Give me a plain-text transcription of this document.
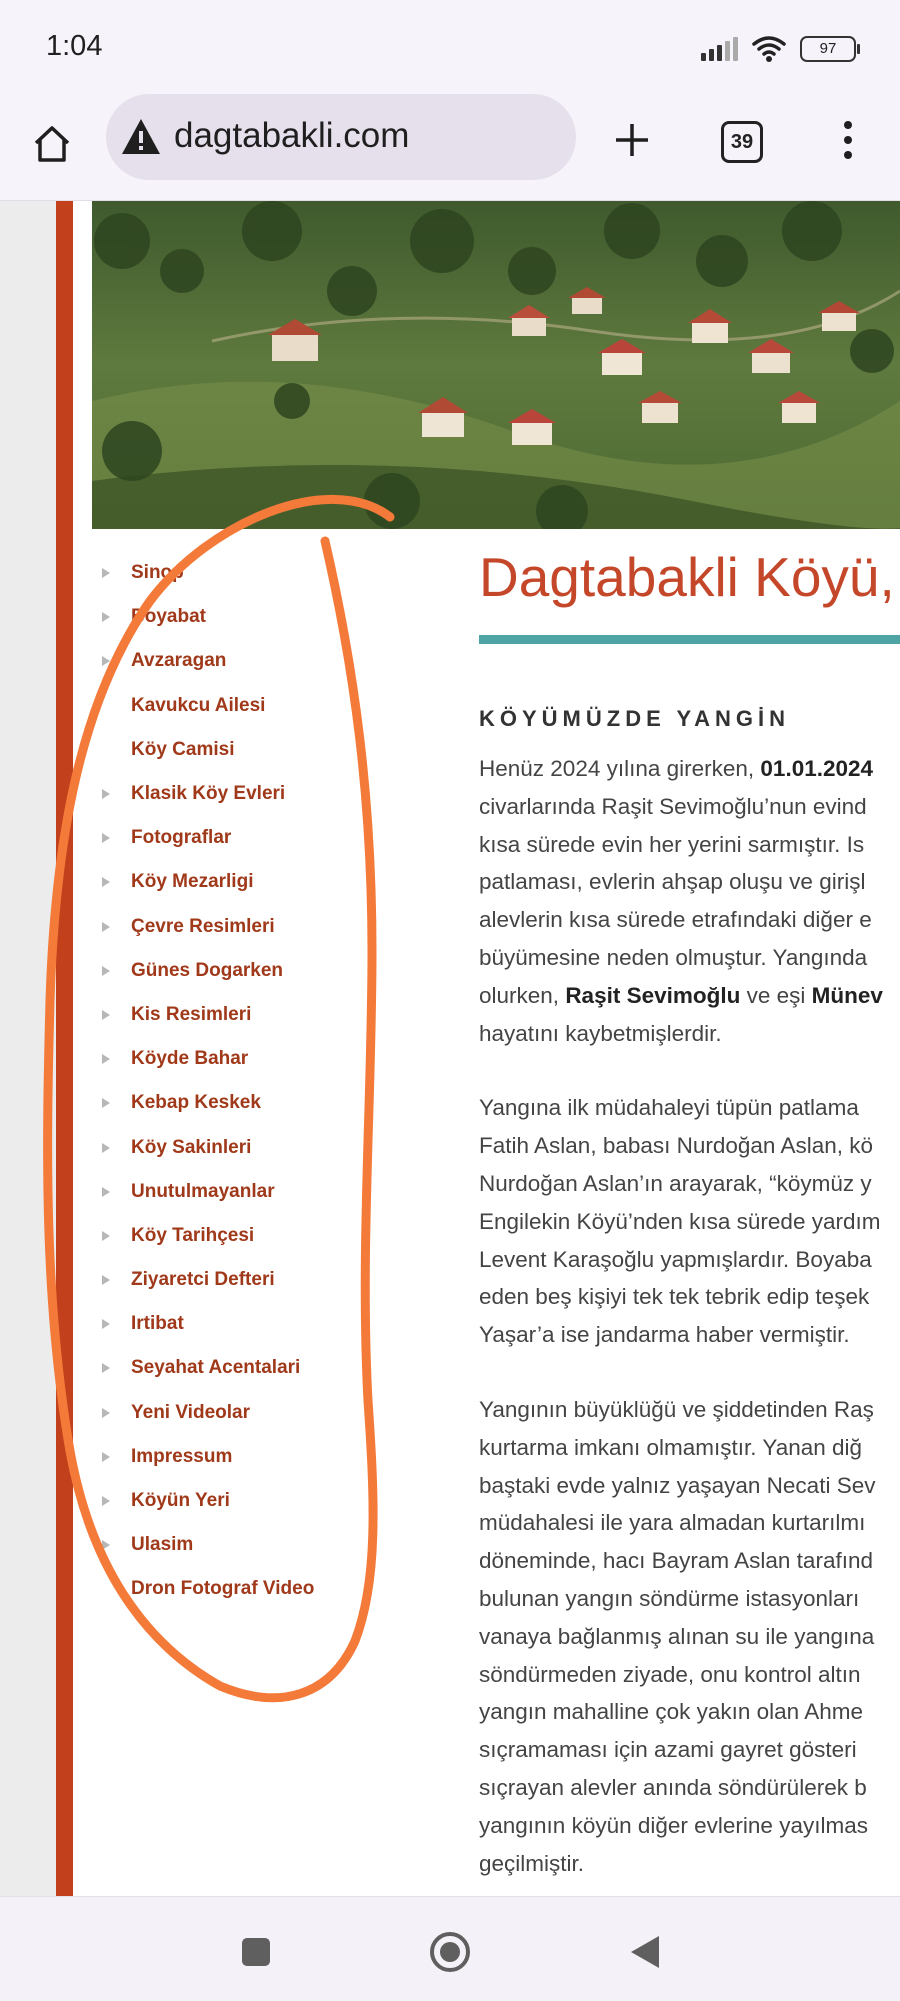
1:04	97
dagtabakli.com	39
Sinop
Boyabat
Avzaragan
Kavukcu Ailesi
Köy Camisi
Klasik Köy Evleri
Fotograflar
Köy Mezarligi
Çevre Resimleri
Günes Dogarken
Kis Resimleri
Köyde Bahar
Kebap Keskek
Köy Sakinleri
Unutulmayanlar
Köy Tarihçesi
Ziyaretci Defteri
Irtibat
Seyahat Acentalari
Yeni Videolar
Impressum
Köyün Yeri
Ulasim
Dron Fotograf Video
Dagtabakli Köyü,
KÖYÜMÜZDE YANGİN
Henüz 2024 yılına girerken, 01.01.2024
civarlarında Raşit Sevimoğlu’nun evind
kısa sürede evin her yerini sarmıştır. Is
patlaması, evlerin ahşap oluşu ve girişl
alevlerin kısa sürede etrafındaki diğer e
büyümesine neden olmuştur. Yangında
olurken, Raşit Sevimoğlu ve eşi Münev
hayatını kaybetmişlerdir.
Yangına ilk müdahaleyi tüpün patlama
Fatih Aslan, babası Nurdoğan Aslan, kö
Nurdoğan Aslan’ın arayarak, “köymüz y
Engilekin Köyü’nden kısa sürede yardım
Levent Karaşoğlu yapmışlardır. Boyaba
eden beş kişiyi tek tek tebrik edip teşek
Yaşar’a ise jandarma haber vermiştir.
Yangının büyüklüğü ve şiddetinden Raş
kurtarma imkanı olmamıştır. Yanan diğ
baştaki evde yalnız yaşayan Necati Sev
müdahalesi ile yara almadan kurtarılmı
döneminde, hacı Bayram Aslan tarafınd
bulunan yangın söndürme istasyonları
vanaya bağlanmış alınan su ile yangına
söndürmeden ziyade, onu kontrol altın
yangın mahalline çok yakın olan Ahme
sıçramaması için azami gayret gösteri
sıçrayan alevler anında söndürülerek b
yangının köyün diğer evlerine yayılmas
geçilmiştir.
